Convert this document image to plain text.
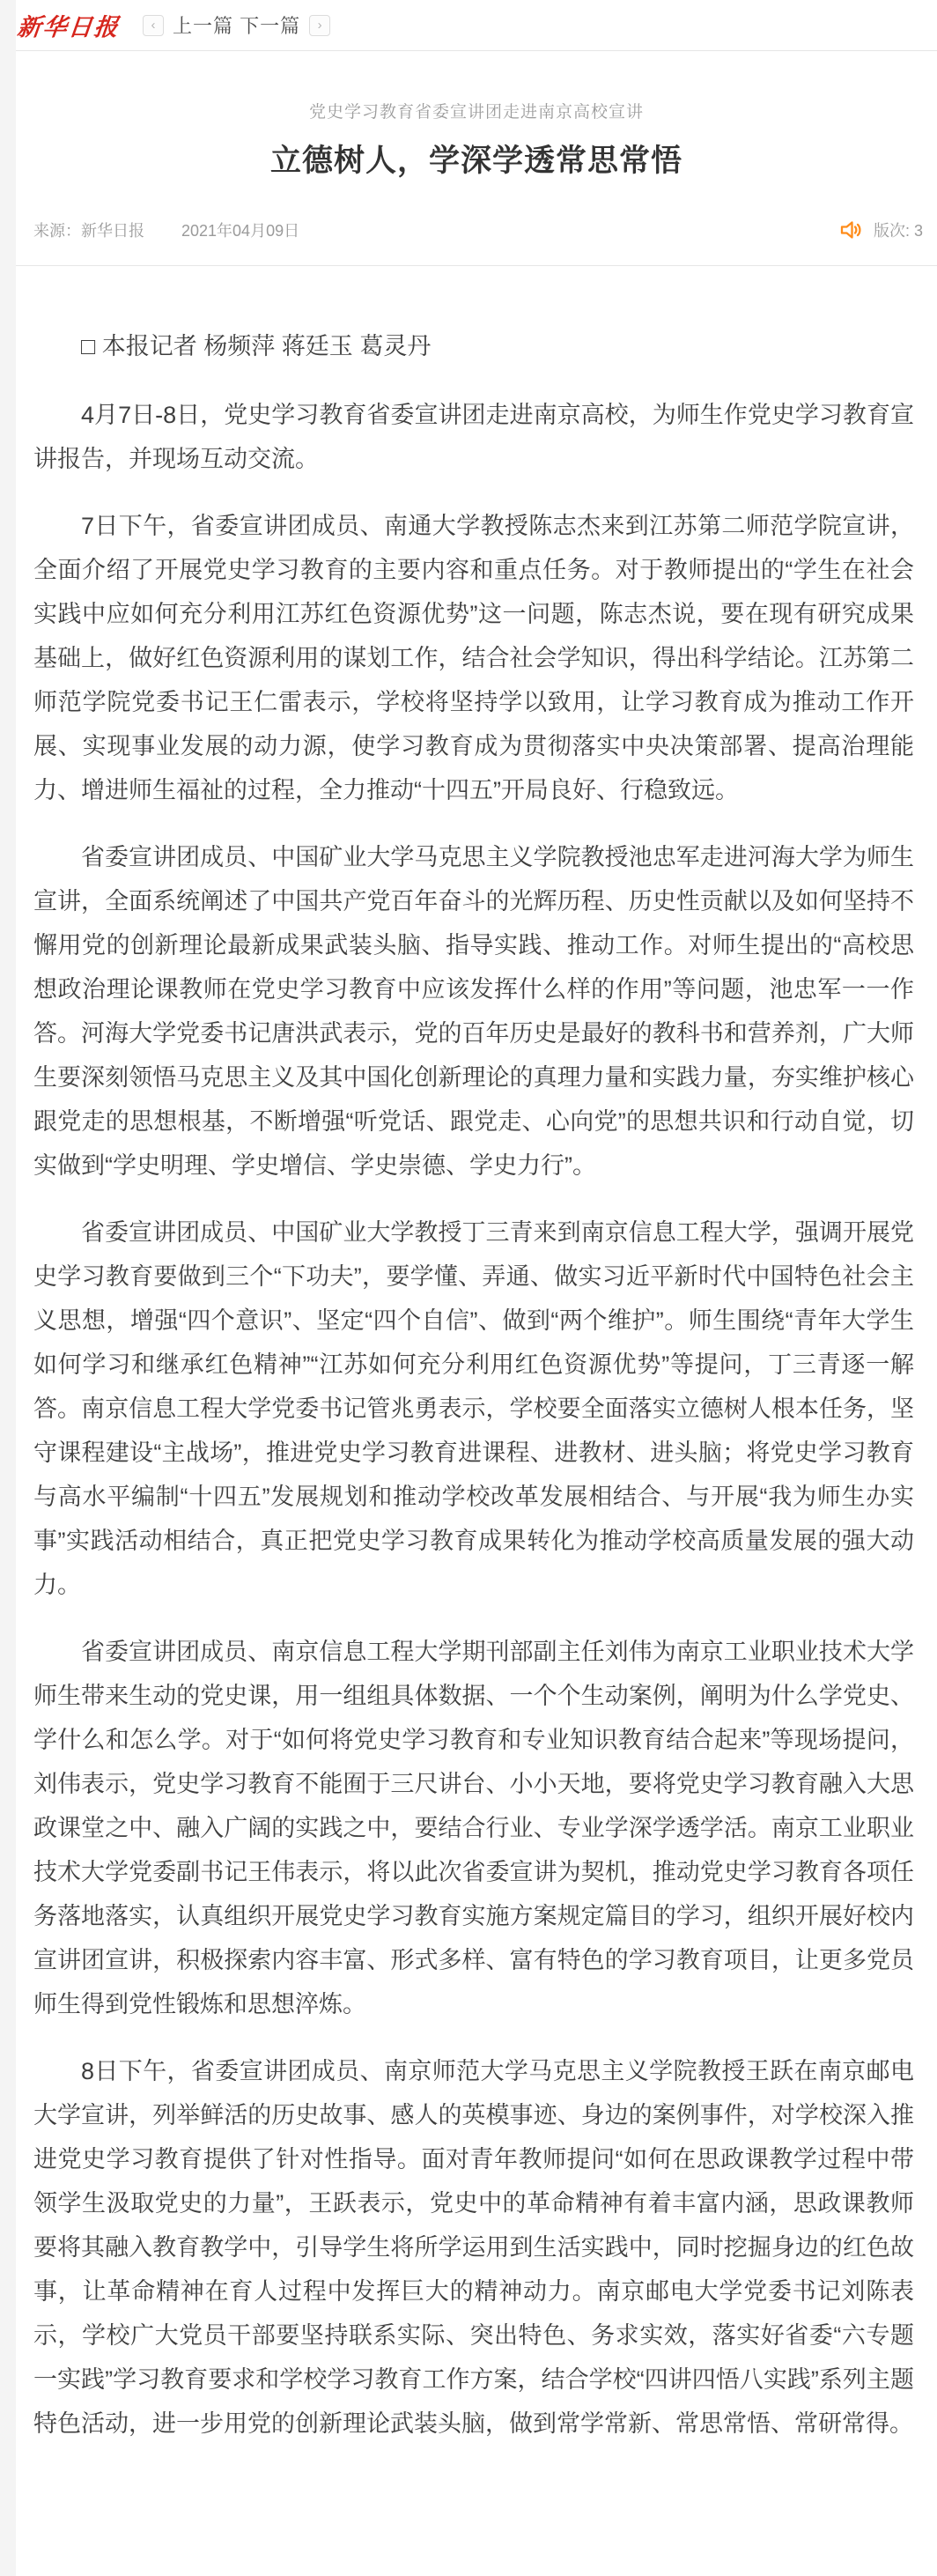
新华日报	‹ 上一篇 下一篇	›
党史学习教育省委宣讲团走进南京高校宣讲
立德树人，学深学透常思常悟
来源：新华日报 2021年04月09日	版次: 3

□ 本报记者 杨频萍 蒋廷玉 葛灵丹

4月7日-8日，党史学习教育省委宣讲团走进南京高校，为师生作党史学习教育宣讲报告，并现场互动交流。

7日下午，省委宣讲团成员、南通大学教授陈志杰来到江苏第二师范学院宣讲，全面介绍了开展党史学习教育的主要内容和重点任务。对于教师提出的“学生在社会实践中应如何充分利用江苏红色资源优势”这一问题，陈志杰说，要在现有研究成果基础上，做好红色资源利用的谋划工作，结合社会学知识，得出科学结论。江苏第二师范学院党委书记王仁雷表示，学校将坚持学以致用，让学习教育成为推动工作开展、实现事业发展的动力源，使学习教育成为贯彻落实中央决策部署、提高治理能力、增进师生福祉的过程，全力推动“十四五”开局良好、行稳致远。

省委宣讲团成员、中国矿业大学马克思主义学院教授池忠军走进河海大学为师生宣讲，全面系统阐述了中国共产党百年奋斗的光辉历程、历史性贡献以及如何坚持不懈用党的创新理论最新成果武装头脑、指导实践、推动工作。对师生提出的“高校思想政治理论课教师在党史学习教育中应该发挥什么样的作用”等问题，池忠军一一作答。河海大学党委书记唐洪武表示，党的百年历史是最好的教科书和营养剂，广大师生要深刻领悟马克思主义及其中国化创新理论的真理力量和实践力量，夯实维护核心跟党走的思想根基，不断增强“听党话、跟党走、心向党”的思想共识和行动自觉，切实做到“学史明理、学史增信、学史崇德、学史力行”。

省委宣讲团成员、中国矿业大学教授丁三青来到南京信息工程大学，强调开展党史学习教育要做到三个“下功夫”，要学懂、弄通、做实习近平新时代中国特色社会主义思想，增强“四个意识”、坚定“四个自信”、做到“两个维护”。师生围绕“青年大学生如何学习和继承红色精神”“江苏如何充分利用红色资源优势”等提问，丁三青逐一解答。南京信息工程大学党委书记管兆勇表示，学校要全面落实立德树人根本任务，坚守课程建设“主战场”，推进党史学习教育进课程、进教材、进头脑；将党史学习教育与高水平编制“十四五”发展规划和推动学校改革发展相结合、与开展“我为师生办实事”实践活动相结合，真正把党史学习教育成果转化为推动学校高质量发展的强大动力。

省委宣讲团成员、南京信息工程大学期刊部副主任刘伟为南京工业职业技术大学师生带来生动的党史课，用一组组具体数据、一个个生动案例，阐明为什么学党史、学什么和怎么学。对于“如何将党史学习教育和专业知识教育结合起来”等现场提问，刘伟表示，党史学习教育不能囿于三尺讲台、小小天地，要将党史学习教育融入大思政课堂之中、融入广阔的实践之中，要结合行业、专业学深学透学活。南京工业职业技术大学党委副书记王伟表示，将以此次省委宣讲为契机，推动党史学习教育各项任务落地落实，认真组织开展党史学习教育实施方案规定篇目的学习，组织开展好校内宣讲团宣讲，积极探索内容丰富、形式多样、富有特色的学习教育项目，让更多党员师生得到党性锻炼和思想淬炼。

8日下午，省委宣讲团成员、南京师范大学马克思主义学院教授王跃在南京邮电大学宣讲，列举鲜活的历史故事、感人的英模事迹、身边的案例事件，对学校深入推进党史学习教育提供了针对性指导。面对青年教师提问“如何在思政课教学过程中带领学生汲取党史的力量”，王跃表示，党史中的革命精神有着丰富内涵，思政课教师要将其融入教育教学中，引导学生将所学运用到生活实践中，同时挖掘身边的红色故事，让革命精神在育人过程中发挥巨大的精神动力。南京邮电大学党委书记刘陈表示，学校广大党员干部要坚持联系实际、突出特色、务求实效，落实好省委“六专题一实践”学习教育要求和学校学习教育工作方案，结合学校“四讲四悟八实践”系列主题特色活动，进一步用党的创新理论武装头脑，做到常学常新、常思常悟、常研常得。
